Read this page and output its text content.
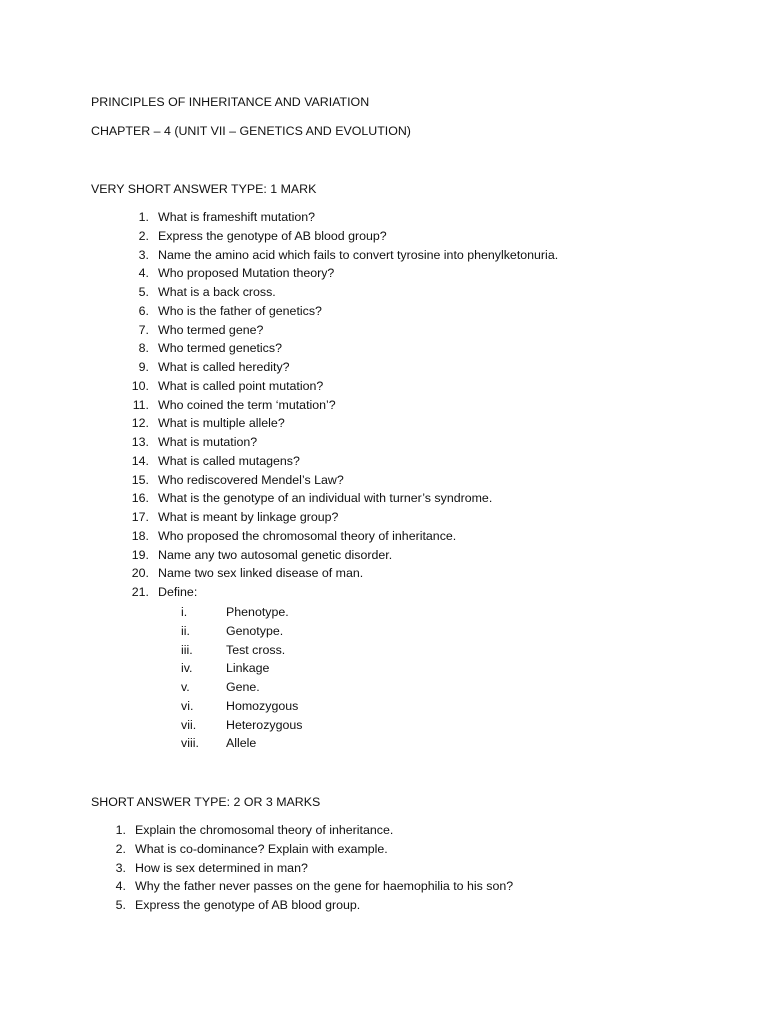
PRINCIPLES OF INHERITANCE AND VARIATION
CHAPTER – 4 (UNIT VII – GENETICS AND EVOLUTION)
VERY SHORT ANSWER TYPE: 1 MARK
1. What is frameshift mutation?
2. Express the genotype of AB blood group?
3. Name the amino acid which fails to convert tyrosine into phenylketonuria.
4. Who proposed Mutation theory?
5. What is a back cross.
6. Who is the father of genetics?
7. Who termed gene?
8. Who termed genetics?
9. What is called heredity?
10. What is called point mutation?
11. Who coined the term ‘mutation’?
12. What is multiple allele?
13. What is mutation?
14. What is called mutagens?
15. Who rediscovered Mendel’s Law?
16. What is the genotype of an individual with turner’s syndrome.
17. What is meant by linkage group?
18. Who proposed the chromosomal theory of inheritance.
19. Name any two autosomal genetic disorder.
20. Name two sex linked disease of man.
21. Define:
i.	Phenotype.
ii.	Genotype.
iii.	Test cross.
iv.	Linkage
v.	Gene.
vi.	Homozygous
vii. Heterozygous
viii. Allele
SHORT ANSWER TYPE: 2 OR 3 MARKS
1. Explain the chromosomal theory of inheritance.
2. What is co-dominance? Explain with example.
3. How is sex determined in man?
4. Why the father never passes on the gene for haemophilia to his son?
5. Express the genotype of AB blood group.
